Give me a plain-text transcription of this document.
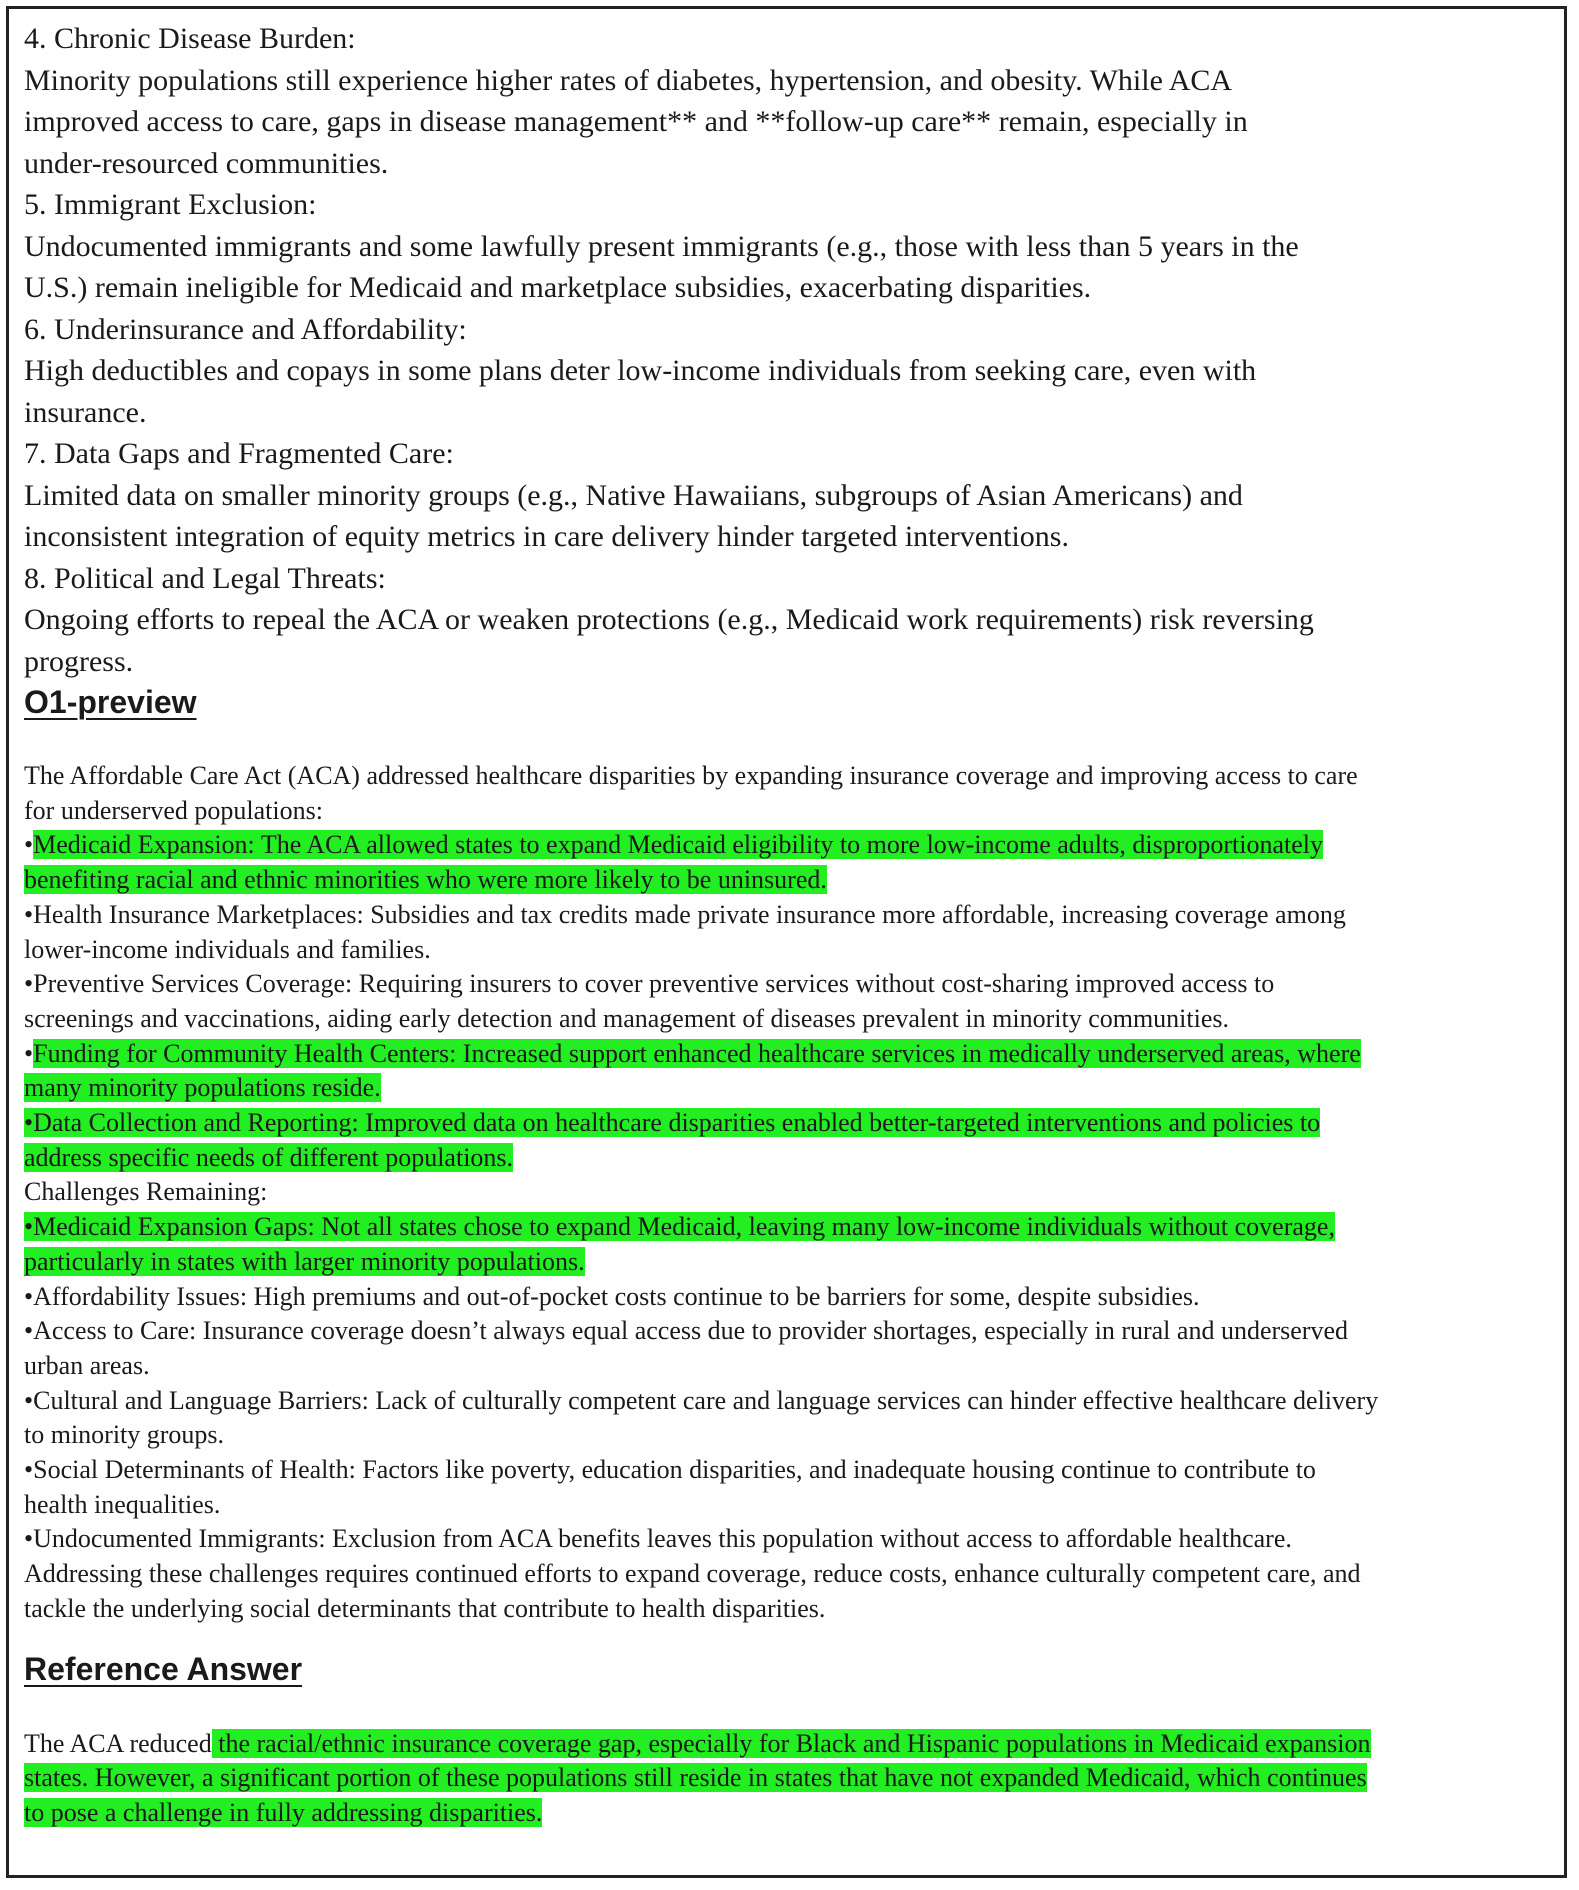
4. Chronic Disease Burden:
Minority populations still experience higher rates of diabetes, hypertension, and obesity. While ACA
improved access to care, gaps in disease management** and **follow-up care** remain, especially in
under-resourced communities.
5. Immigrant Exclusion:
Undocumented immigrants and some lawfully present immigrants (e.g., those with less than 5 years in the
U.S.) remain ineligible for Medicaid and marketplace subsidies, exacerbating disparities.
6. Underinsurance and Affordability:
High deductibles and copays in some plans deter low-income individuals from seeking care, even with
insurance.
7. Data Gaps and Fragmented Care:
Limited data on smaller minority groups (e.g., Native Hawaiians, subgroups of Asian Americans) and
inconsistent integration of equity metrics in care delivery hinder targeted interventions.
8. Political and Legal Threats:
Ongoing efforts to repeal the ACA or weaken protections (e.g., Medicaid work requirements) risk reversing
progress.
O1-preview
The Affordable Care Act (ACA) addressed healthcare disparities by expanding insurance coverage and improving access to care
for underserved populations:
•Medicaid Expansion: The ACA allowed states to expand Medicaid eligibility to more low-income adults, disproportionately
benefiting racial and ethnic minorities who were more likely to be uninsured.
•Health Insurance Marketplaces: Subsidies and tax credits made private insurance more affordable, increasing coverage among
lower-income individuals and families.
•Preventive Services Coverage: Requiring insurers to cover preventive services without cost-sharing improved access to
screenings and vaccinations, aiding early detection and management of diseases prevalent in minority communities.
•Funding for Community Health Centers: Increased support enhanced healthcare services in medically underserved areas, where
many minority populations reside.
•Data Collection and Reporting: Improved data on healthcare disparities enabled better-targeted interventions and policies to
address specific needs of different populations.
Challenges Remaining:
•Medicaid Expansion Gaps: Not all states chose to expand Medicaid, leaving many low-income individuals without coverage,
particularly in states with larger minority populations.
•Affordability Issues: High premiums and out-of-pocket costs continue to be barriers for some, despite subsidies.
•Access to Care: Insurance coverage doesn’t always equal access due to provider shortages, especially in rural and underserved
urban areas.
•Cultural and Language Barriers: Lack of culturally competent care and language services can hinder effective healthcare delivery
to minority groups.
•Social Determinants of Health: Factors like poverty, education disparities, and inadequate housing continue to contribute to
health inequalities.
•Undocumented Immigrants: Exclusion from ACA benefits leaves this population without access to affordable healthcare.
Addressing these challenges requires continued efforts to expand coverage, reduce costs, enhance culturally competent care, and
tackle the underlying social determinants that contribute to health disparities.
Reference Answer
The ACA reduced the racial/ethnic insurance coverage gap, especially for Black and Hispanic populations in Medicaid expansion
states. However, a significant portion of these populations still reside in states that have not expanded Medicaid, which continues
to pose a challenge in fully addressing disparities.
